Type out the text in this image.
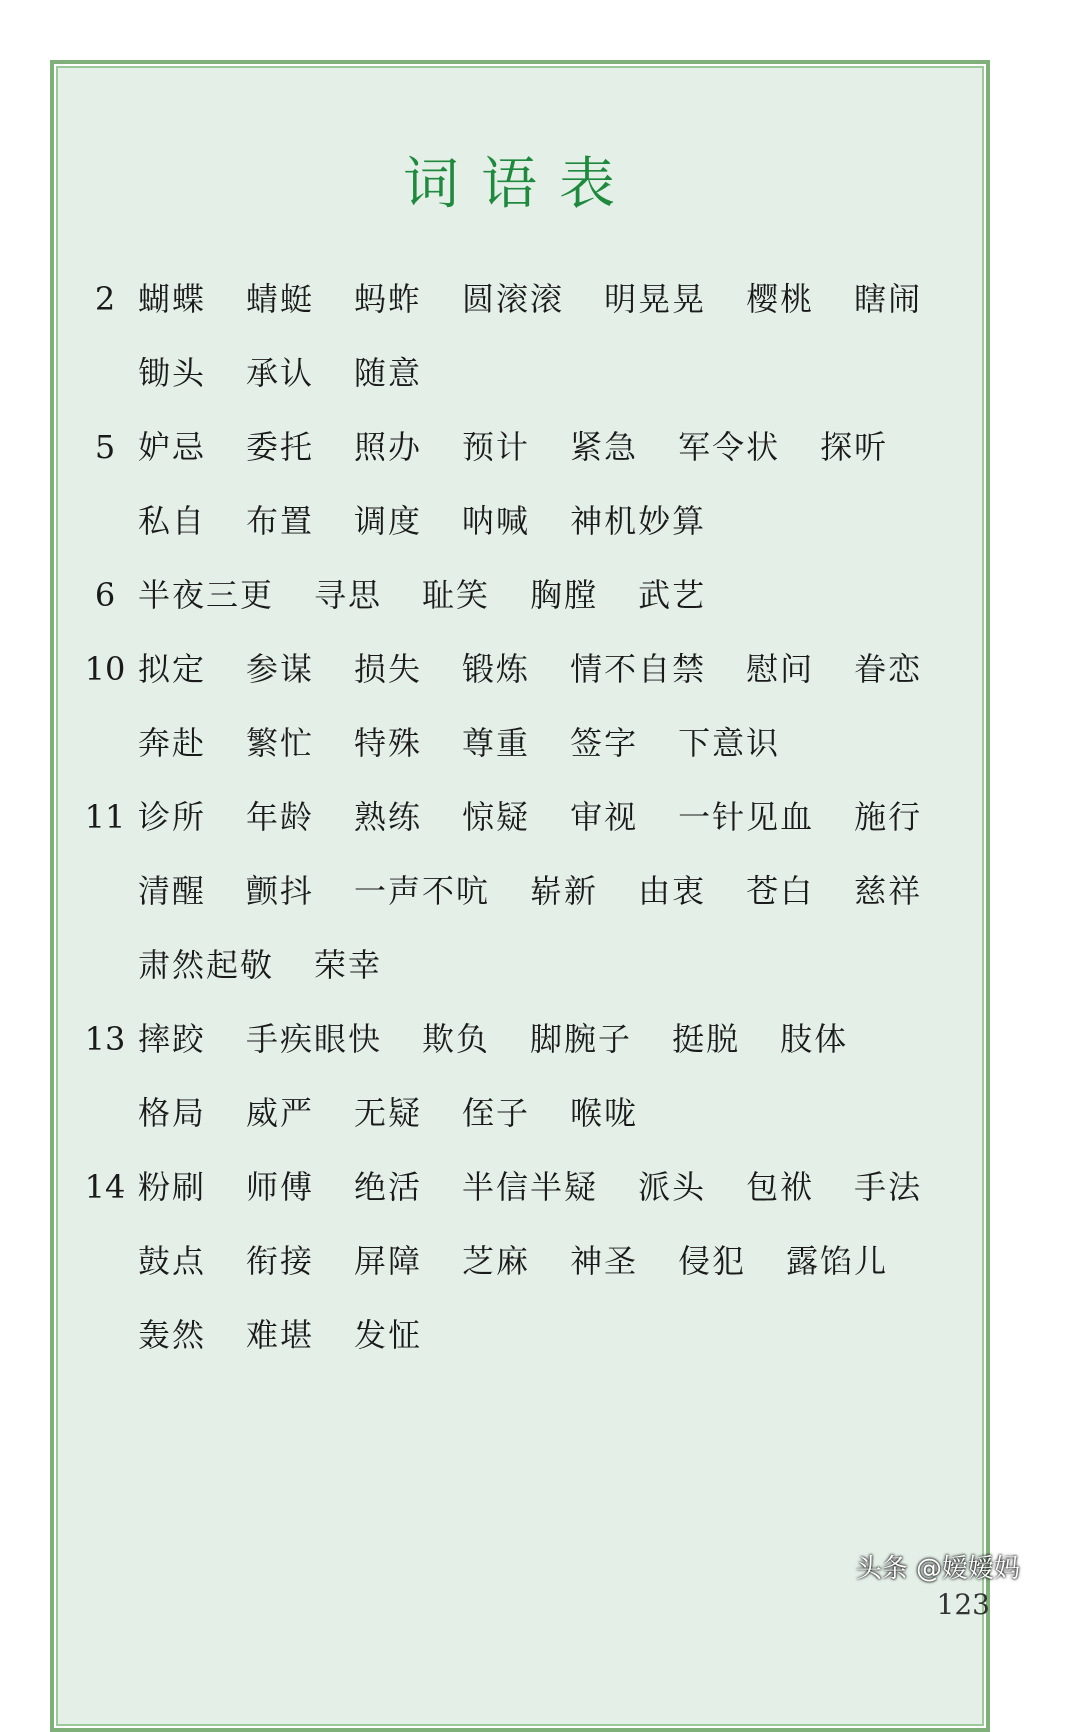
词语表
2 蝴蝶 蜻蜓 蚂蚱 圆滚滚 明晃晃 樱桃 瞎闹
锄头 承认 随意
5 妒忌 委托 照办 预计 紧急 军令状 探听
私自 布置 调度 呐喊 神机妙算
6 半夜三更 寻思 耻笑 胸膛 武艺
10 拟定 参谋 损失 锻炼 情不自禁 慰问 眷恋
奔赴 繁忙 特殊 尊重 签字 下意识
11 诊所 年龄 熟练 惊疑 审视 一针见血 施行
清醒 颤抖 一声不吭 崭新 由衷 苍白 慈祥
肃然起敬 荣幸
13 摔跤 手疾眼快 欺负 脚腕子 挺脱 肢体
格局 威严 无疑 侄子 喉咙
14 粉刷 师傅 绝活 半信半疑 派头 包袱 手法
鼓点 衔接 屏障 芝麻 神圣 侵犯 露馅儿
轰然 难堪 发怔
头条 @嫒嫒妈
123
